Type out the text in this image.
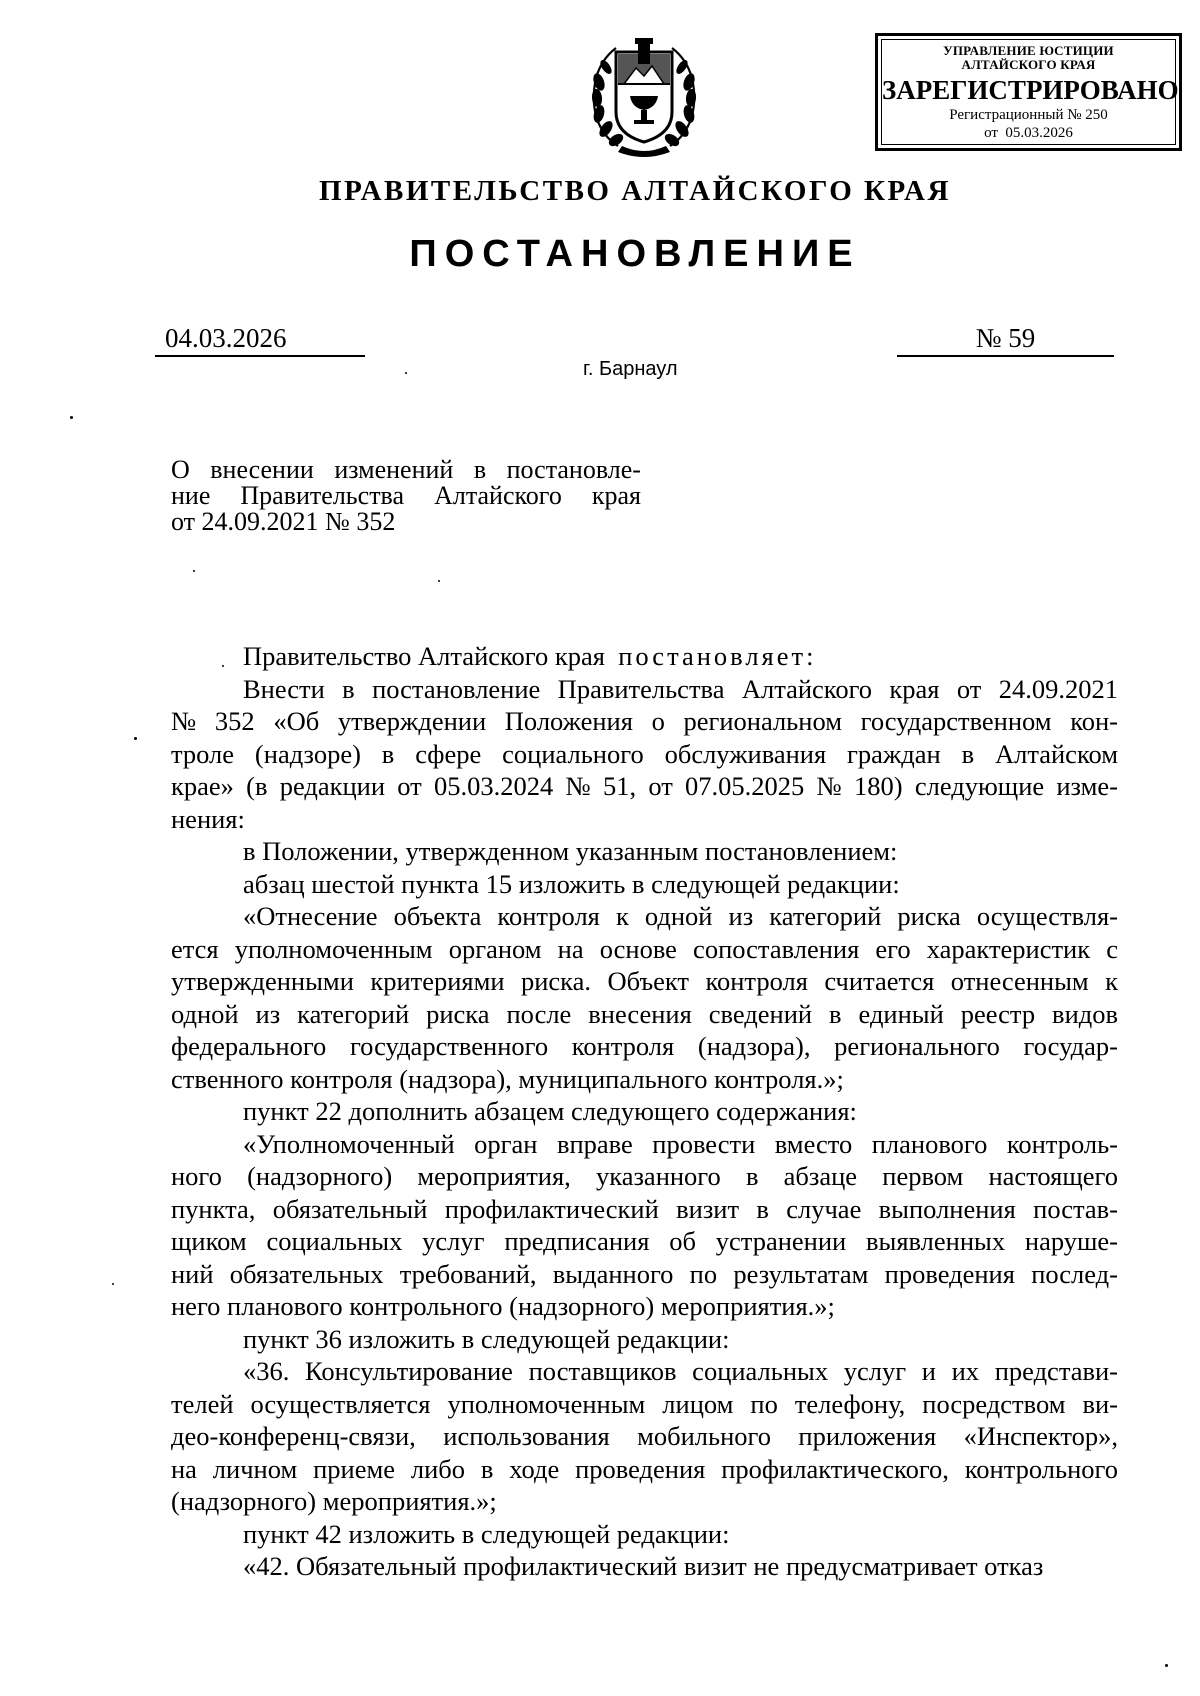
УПРАВЛЕНИЕ ЮСТИЦИИ
АЛТАЙСКОГО КРАЯ
ЗАРЕГИСТРИРОВАНО
Регистрационный № 250
от  05.03.2026
ПРАВИТЕЛЬСТВО АЛТАЙСКОГО КРАЯ
ПОСТАНОВЛЕНИЕ
04.03.2026	№ 59
г. Барнаул
О внесении изменений в постановле-
ние Правительства Алтайского края
от 24.09.2021 № 352
Правительство Алтайского края постановляет:
Внести в постановление Правительства Алтайского края от 24.09.2021
№ 352 «Об утверждении Положения о региональном государственном кон-
троле (надзоре) в сфере социального обслуживания граждан в Алтайском
крае» (в редакции от 05.03.2024 № 51, от 07.05.2025 № 180) следующие изме-
нения:
в Положении, утвержденном указанным постановлением:
абзац шестой пункта 15 изложить в следующей редакции:
«Отнесение объекта контроля к одной из категорий риска осуществля-
ется уполномоченным органом на основе сопоставления его характеристик с
утвержденными критериями риска. Объект контроля считается отнесенным к
одной из категорий риска после внесения сведений в единый реестр видов
федерального государственного контроля (надзора), регионального государ-
ственного контроля (надзора), муниципального контроля.»;
пункт 22 дополнить абзацем следующего содержания:
«Уполномоченный орган вправе провести вместо планового контроль-
ного (надзорного) мероприятия, указанного в абзаце первом настоящего
пункта, обязательный профилактический визит в случае выполнения постав-
щиком социальных услуг предписания об устранении выявленных наруше-
ний обязательных требований, выданного по результатам проведения послед-
него планового контрольного (надзорного) мероприятия.»;
пункт 36 изложить в следующей редакции:
«36. Консультирование поставщиков социальных услуг и их представи-
телей осуществляется уполномоченным лицом по телефону, посредством ви-
део-конференц-связи, использования мобильного приложения «Инспектор»,
на личном приеме либо в ходе проведения профилактического, контрольного
(надзорного) мероприятия.»;
пункт 42 изложить в следующей редакции:
«42. Обязательный профилактический визит не предусматривает отказ
